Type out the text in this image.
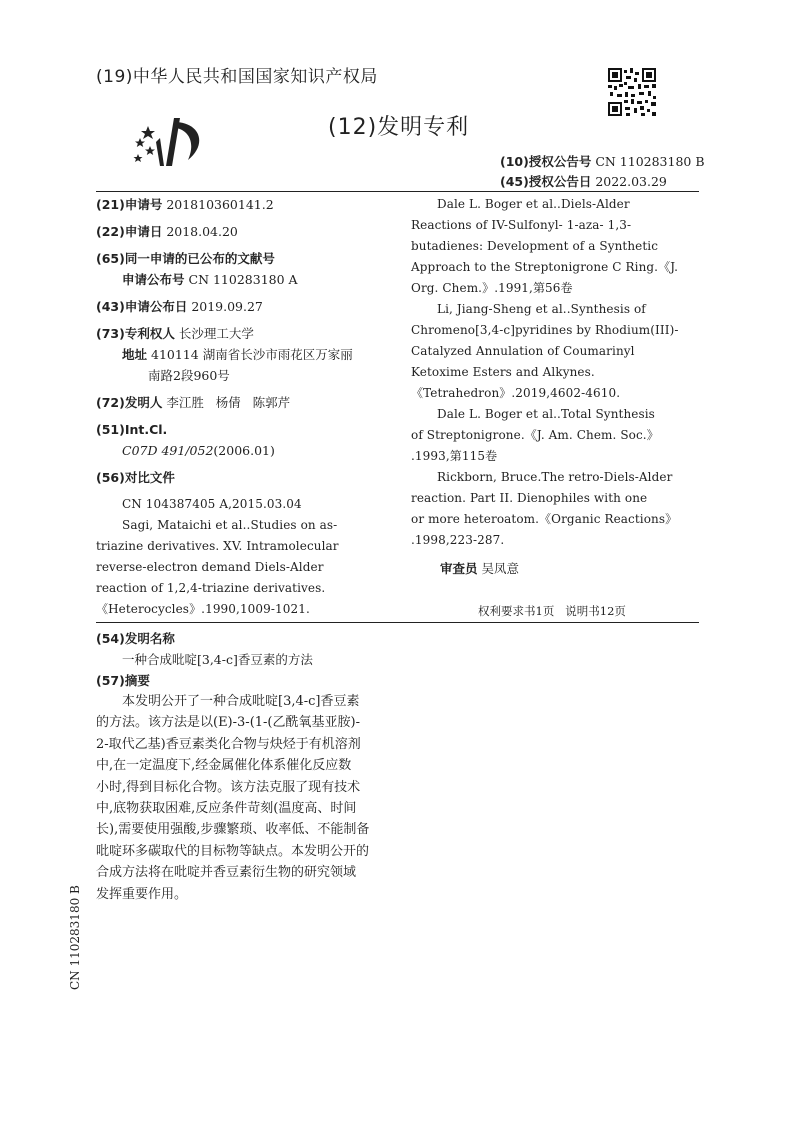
(19)中华人民共和国国家知识产权局
(12)发明专利
(10)授权公告号 CN 110283180 B
(45)授权公告日 2022.03.29
(21)申请号 201810360141.2
(22)申请日 2018.04.20
(65)同一申请的已公布的文献号
申请公布号 CN 110283180 A
(43)申请公布日 2019.09.27
(73)专利权人 长沙理工大学
地址 410114 湖南省长沙市雨花区万家丽
南路2段960号
(72)发明人 李江胜   杨倩   陈郭芹
(51)Int.Cl.
C07D 491/052(2006.01)
(56)对比文件
CN 104387405 A,2015.03.04
Sagi, Mataichi et al..Studies on as-
triazine derivatives. XV. Intramolecular
reverse-electron demand Diels-Alder
reaction of 1,2,4-triazine derivatives.
《Heterocycles》.1990,1009-1021.
Dale L. Boger et al..Diels-Alder
Reactions of IV-Sulfonyl- 1-aza- 1,3-
butadienes: Development of a Synthetic
Approach to the Streptonigrone C Ring.《J.
Org. Chem.》.1991,第56卷
Li, Jiang-Sheng et al..Synthesis of
Chromeno[3,4-c]pyridines by Rhodium(III)-
Catalyzed Annulation of Coumarinyl
Ketoxime Esters and Alkynes.
《Tetrahedron》.2019,4602-4610.
Dale L. Boger et al..Total Synthesis
of Streptonigrone.《J. Am. Chem. Soc.》
.1993,第115卷
Rickborn, Bruce.The retro-Diels-Alder
reaction. Part II. Dienophiles with one
or more heteroatom.《Organic Reactions》
.1998,223-287.
审查员 吴凤意
权利要求书1页   说明书12页
(54)发明名称
一种合成吡啶[3,4-c]香豆素的方法
(57)摘要
本发明公开了一种合成吡啶[3,4-c]香豆素
的方法。该方法是以(E)-3-(1-(乙酰氧基亚胺)-
2-取代乙基)香豆素类化合物与炔烃于有机溶剂
中,在一定温度下,经金属催化体系催化反应数
小时,得到目标化合物。该方法克服了现有技术
中,底物获取困难,反应条件苛刻(温度高、时间
长),需要使用强酸,步骤繁琐、收率低、不能制备
吡啶环多碳取代的目标物等缺点。本发明公开的
合成方法将在吡啶并香豆素衍生物的研究领域
发挥重要作用。
CN 110283180 B
